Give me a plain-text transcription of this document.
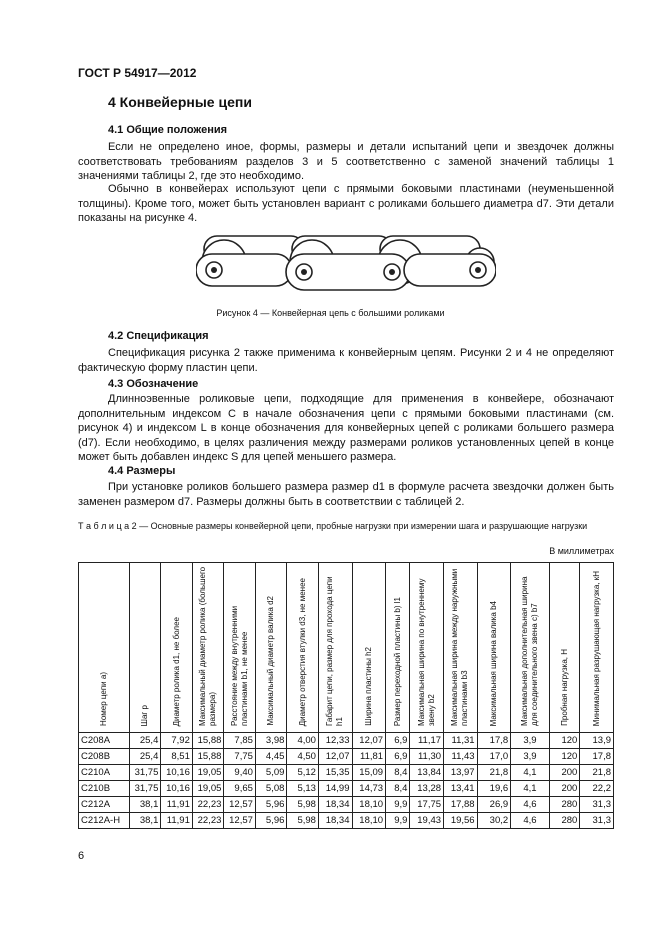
ГОСТ Р 54917—2012
4 Конвейерные цепи
4.1 Общие положения
Если не определено иное, формы, размеры и детали испытаний цепи и звездочек должны соответствовать требованиям разделов 3 и 5 соответственно с заменой значений таблицы 1 значениями таблицы 2, где это необходимо.
Обычно в конвейерах используют цепи с прямыми боковыми пластинами (неуменьшенной толщины). Кроме того, может быть установлен вариант с роликами большего диаметра d7. Эти детали показаны на рисунке 4.
Рисунок 4 — Конвейерная цепь с большими роликами
4.2 Спецификация
Спецификация рисунка 2 также применима к конвейерным цепям. Рисунки 2 и 4 не определяют фактическую форму пластин цепи.
4.3 Обозначение
Длинноэвенные роликовые цепи, подходящие для применения в конвейере, обозначают дополнительным индексом С в начале обозначения цепи с прямыми боковыми пластинами (см. рисунок 4) и индексом L в конце обозначения для конвейерных цепей с роликами большего размера (d7). Если необходимо, в целях различения между размерами роликов установленных цепей в конце может быть добавлен индекс S для цепей меньшего размера.
4.4 Размеры
При установке роликов большего размера размер d1 в формуле расчета звездочки должен быть заменен размером d7. Размеры должны быть в соответствии с таблицей 2.
Т а б л и ц а 2 — Основные размеры конвейерной цепи, пробные нагрузки при измерении шага и разрушающие нагрузки
В миллиметрах
Номер цепи a)	Шаг p	Диаметр ролика d1, не более	Максимальный диаметр ролика (большего размера)	Расстояние между внутренними пластинами b1, не менее	Максимальный диаметр валика d2	Диаметр отверстия втулки d3, не менее	Габарит цепи, размер для прохода цепи h1	Ширина пластины h2	Размер переходной пластины b) l1	Максимальная ширина по внутреннему звену b2	Максимальная ширина между наружными пластинами b3	Максимальная ширина валика b4	Максимальная дополнительная ширина для соединительного звена c) b7	Пробная нагрузка, Н	Минимальная разрушающая нагрузка, кН

C208A	25,4	7,92	15,88	7,85	3,98	4,00	12,33	12,07	6,9	11,17	11,31	17,8	3,9	120	13,9
C208B	25,4	8,51	15,88	7,75	4,45	4,50	12,07	11,81	6,9	11,30	11,43	17,0	3,9	120	17,8
C210A	31,75	10,16	19,05	9,40	5,09	5,12	15,35	15,09	8,4	13,84	13,97	21,8	4,1	200	21,8
C210B	31,75	10,16	19,05	9,65	5,08	5,13	14,99	14,73	8,4	13,28	13,41	19,6	4,1	200	22,2
C212A	38,1	11,91	22,23	12,57	5,96	5,98	18,34	18,10	9,9	17,75	17,88	26,9	4,6	280	31,3
C212A-H	38,1	11,91	22,23	12,57	5,96	5,98	18,34	18,10	9,9	19,43	19,56	30,2	4,6	280	31,3
6
